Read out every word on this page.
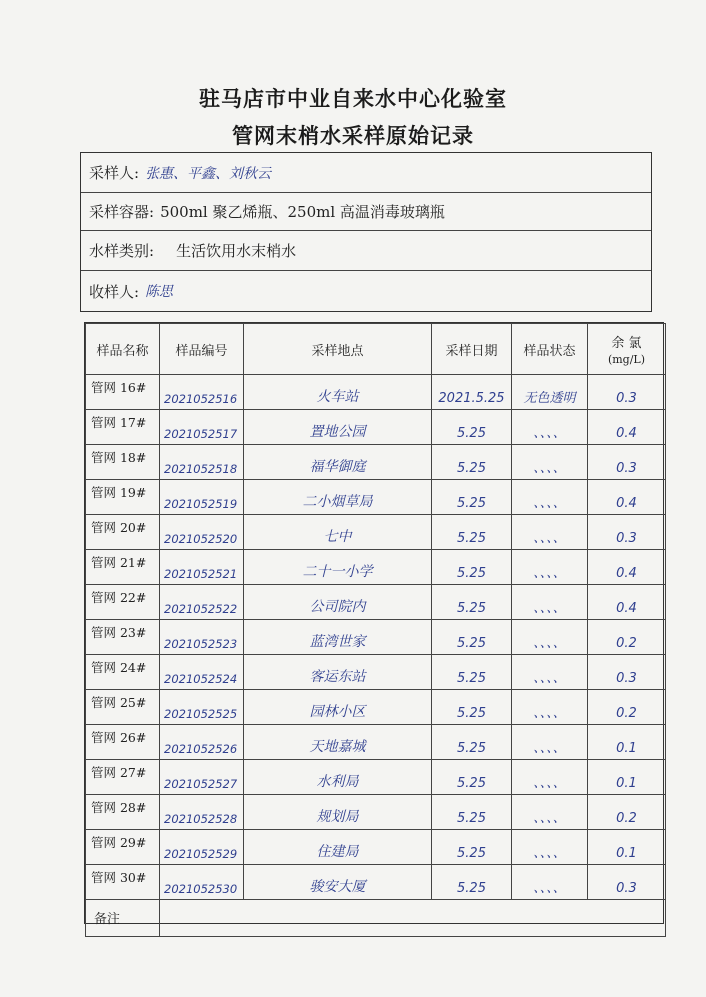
驻马店市中业自来水中心化验室
管网末梢水采样原始记录
采样人: 张惠、平鑫、刘秋云
采样容器: 500ml 聚乙烯瓶、250ml 高温消毒玻璃瓶
水样类别: 生活饮用水末梢水
收样人: 陈思
样品名称	样品编号	采样地点	采样日期	样品状态	余 氯
(mg/L)

管网 16#	2021052516	火车站	2021.5.25	无色透明	0.3

管网 17#	2021052517	置地公园	5.25	、、、、	0.4

管网 18#	2021052518	福华御庭	5.25	、、、、	0.3

管网 19#	2021052519	二小烟草局	5.25	、、、、	0.4

管网 20#	2021052520	七中	5.25	、、、、	0.3

管网 21#	2021052521	二十一小学	5.25	、、、、	0.4

管网 22#	2021052522	公司院内	5.25	、、、、	0.4

管网 23#	2021052523	蓝湾世家	5.25	、、、、	0.2

管网 24#	2021052524	客运东站	5.25	、、、、	0.3

管网 25#	2021052525	园林小区	5.25	、、、、	0.2

管网 26#	2021052526	天地嘉城	5.25	、、、、	0.1

管网 27#	2021052527	水利局	5.25	、、、、	0.1

管网 28#	2021052528	规划局	5.25	、、、、	0.2

管网 29#	2021052529	住建局	5.25	、、、、	0.1

管网 30#	2021052530	骏安大厦	5.25	、、、、	0.3

备注					
